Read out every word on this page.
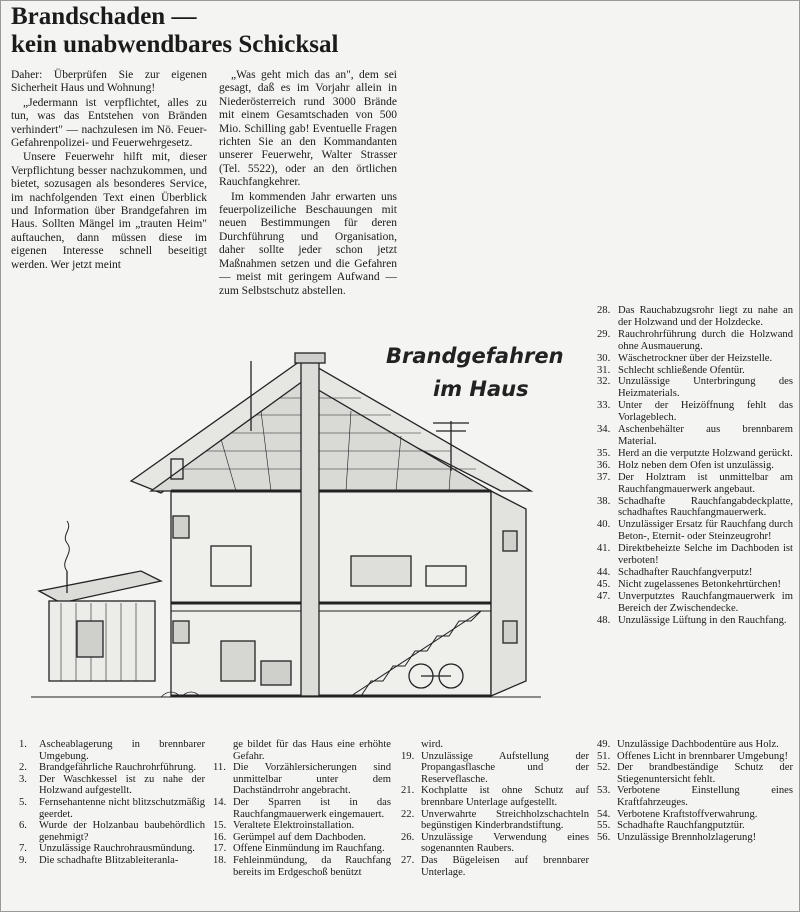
Brandschaden —
kein unabwendbares Schicksal

Daher: Überprüfen Sie zur eigenen Sicherheit Haus und Wohnung!

„Jedermann ist verpflichtet, alles zu tun, was das Entstehen von Bränden verhindert" — nachzulesen im Nö. Feuer-Gefahrenpolizei- und Feuerwehrgesetz.

Unsere Feuerwehr hilft mit, dieser Verpflichtung besser nachzukommen, und bietet, sozusagen als besonderes Service, im nachfolgenden Text einen Überblick und Information über Brandgefahren im Haus. Sollten Mängel im „trauten Heim" auftauchen, dann müssen diese im eigenen Interesse schnell beseitigt werden. Wer jetzt meint

„Was geht mich das an", dem sei gesagt, daß es im Vorjahr allein in Niederösterreich rund 3000 Brände mit einem Gesamtschaden von 500 Mio. Schilling gab! Eventuelle Fragen richten Sie an den Kommandanten unserer Feuerwehr, Walter Strasser (Tel. 5522), oder an den örtlichen Rauchfangkehrer.

Im kommenden Jahr erwarten uns feuerpolizeiliche Beschauungen mit neuen Bestimmungen für deren Durchführung und Organisation, daher sollte jeder schon jetzt Maßnahmen setzen und die Gefahren — meist mit geringem Aufwand — zum Selbstschutz abstellen.

Brandgefahren
im Haus
28. Das Rauchabzugsrohr liegt zu nahe an der Holzwand und der Holzdecke.
29. Rauchrohrführung durch die Holzwand ohne Ausmauerung.
30. Wäschetrockner über der Heizstelle.
31. Schlecht schließende Ofentür.
32. Unzulässige Unterbringung des Heizmaterials.
33. Unter der Heizöffnung fehlt das Vorlageblech.
34. Aschenbehälter aus brennbarem Material.
35. Herd an die verputzte Holzwand gerückt.
36. Holz neben dem Ofen ist unzulässig.
37. Der Holztram ist unmittelbar am Rauchfangmauerwerk angebaut.
38. Schadhafte Rauchfangabdeckplatte, schadhaftes Rauchfangmauerwerk.
40. Unzulässiger Ersatz für Rauchfang durch Beton-, Eternit- oder Steinzeugrohr!
41. Direktbeheizte Selche im Dachboden ist verboten!
44. Schadhafter Rauchfangverputz!
45. Nicht zugelassenes Betonkehrtürchen!
47. Unverputztes Rauchfangmauerwerk im Bereich der Zwischendecke.
48. Unzulässige Lüftung in den Rauchfang.
1.	Ascheablagerung in brennbarer Umgebung.
2.	Brandgefährliche Rauchrohrführung.
3.	Der Waschkessel ist zu nahe der Holzwand aufgestellt.
5.	Fernsehantenne nicht blitzschutzmäßig geerdet.
6.	Wurde der Holzanbau baubehördlich genehmigt?
7.	Unzulässige Rauchrohrausmündung.
9.	Die schadhafte Blitzableiteranla-
ge bildet für das Haus eine erhöhte Gefahr.
11. Die Vorzählersicherungen sind unmittelbar unter dem Dachständrrohr angebracht.
14. Der Sparren ist in das Rauchfangmauerwerk eingemauert.
15. Veraltete Elektroinstallation.
16. Gerümpel auf dem Dachboden.
17. Offene Einmündung im Rauchfang.
18. Fehleinmündung, da Rauchfang bereits im Erdgeschoß benützt
wird.
19. Unzulässige Aufstellung der Propangasflasche und der Reserveflasche.
21. Kochplatte ist ohne Schutz auf brennbare Unterlage aufgestellt.
22. Unverwahrte Streichholzschachteln begünstigen Kinderbrandstiftung.
26. Unzulässige Verwendung eines sogenannten Raubers.
27. Das Bügeleisen auf brennbarer Unterlage.
49. Unzulässige Dachbodentüre aus Holz.
51. Offenes Licht in brennbarer Umgebung!
52. Der brandbeständige Schutz der Stiegenuntersicht fehlt.
53. Verbotene Einstellung eines Kraftfahrzeuges.
54. Verbotene Kraftstoffverwahrung.
55. Schadhafte Rauchfangputztür.
56. Unzulässige Brennholzlagerung!
